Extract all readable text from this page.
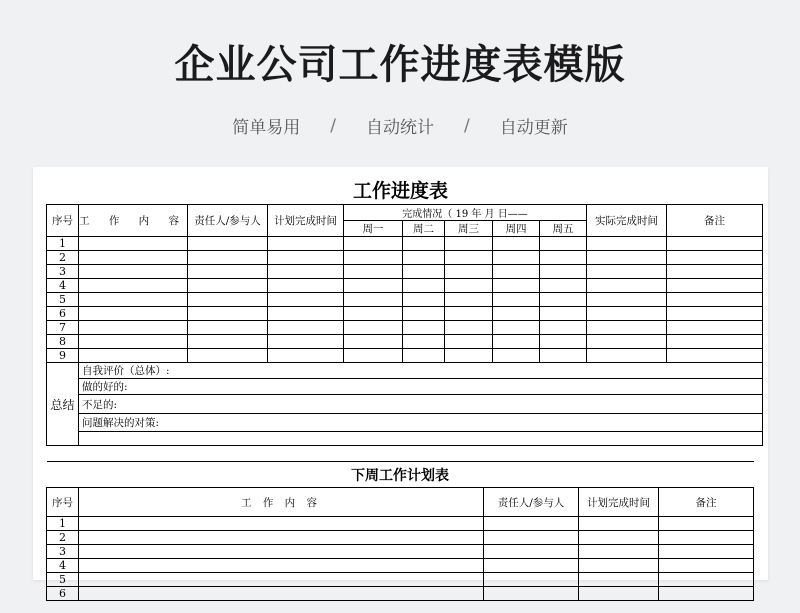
企业公司工作进度表模版
简单易用 / 自动统计 / 自动更新
工作进度表
序号	工 作 内 容	责任人/参与人	计划完成时间	完成情况（ 19 年 月 日——					实际完成时间	备注
				周一	周二	周三	周四	周五		
1										
2										
3										
4										
5										
6										
7										
8										
9										
总结	自我评价（总体）:									
	做的好的:									
	不足的:									
	问题解决的对策:									

下周工作计划表				
序号	工 作 内 容	责任人/参与人	计划完成时间	备注
1				
2				
3				
4				
5				
6				
